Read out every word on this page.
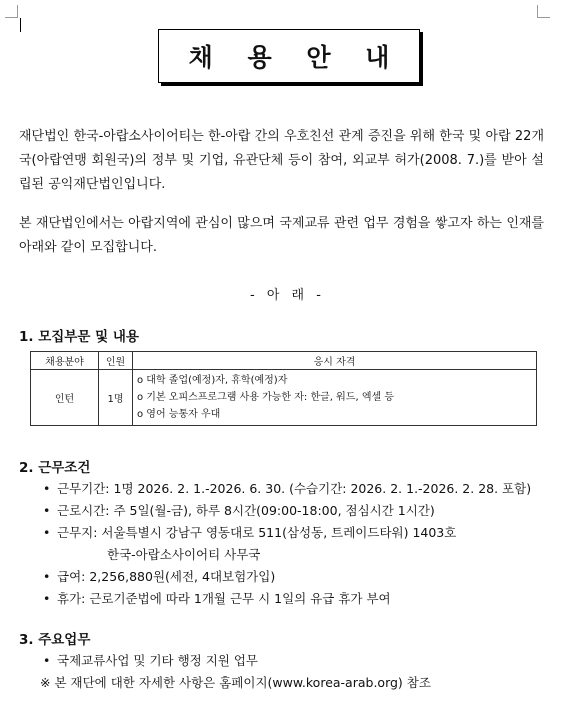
채 용 안 내
재단법인 한국-아랍소사이어티는 한-아랍 간의 우호친선 관계 증진을 위해 한국 및 아랍 22개국(아랍연맹 회원국)의 정부 및 기업, 유관단체 등이 참여, 외교부 허가(2008. 7.)를 받아 설립된 공익재단법인입니다.
본 재단법인에서는 아랍지역에 관심이 많으며 국제교류 관련 업무 경험을 쌓고자 하는 인재를 아래와 같이 모집합니다.
- 아 래 -
1. 모집부문 및 내용
채용분야	인원	응시 자격
인턴	1명	o 대학 졸업(예정)자, 휴학(예정)자
o 기본 오피스프로그램 사용 가능한 자: 한글, 워드, 엑셀 등
o 영어 능통자 우대
2. 근무조건
• 근무기간: 1명 2026. 2. 1.-2026. 6. 30. (수습기간: 2026. 2. 1.-2026. 2. 28. 포함)
• 근로시간: 주 5일(월-금), 하루 8시간(09:00-18:00, 점심시간 1시간)
• 근무지: 서울특별시 강남구 영동대로 511(삼성동, 트레이드타워) 1403호
한국-아랍소사이어티 사무국
• 급여: 2,256,880원(세전, 4대보험가입)
• 휴가: 근로기준법에 따라 1개월 근무 시 1일의 유급 휴가 부여
3. 주요업무
• 국제교류사업 및 기타 행정 지원 업무
※ 본 재단에 대한 자세한 사항은 홈페이지(www.korea-arab.org) 참조
